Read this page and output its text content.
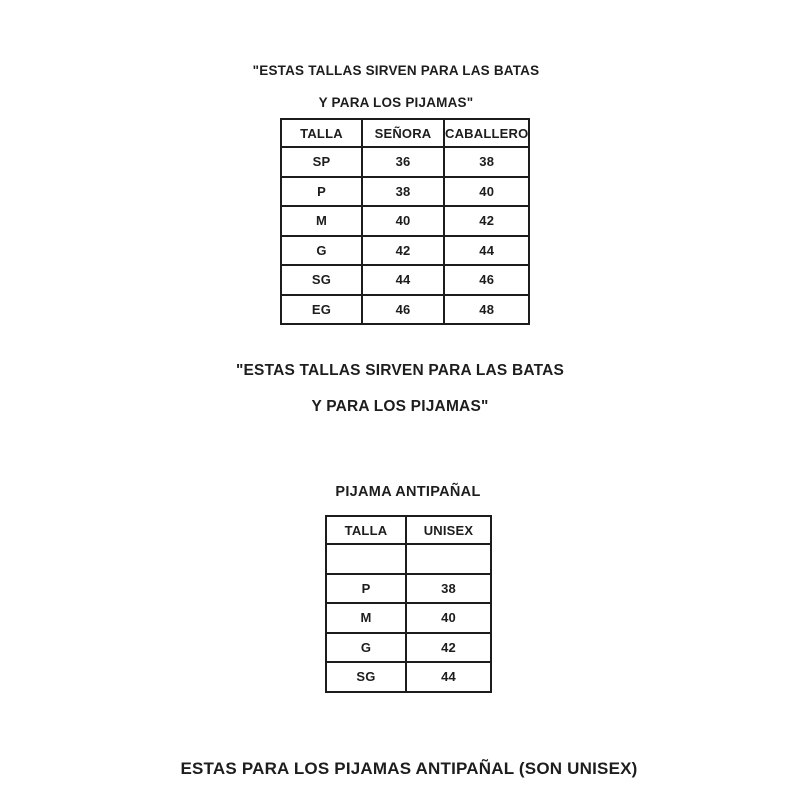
"ESTAS TALLAS SIRVEN PARA LAS BATAS

Y PARA LOS PIJAMAS"

TALLA	SEÑORA	CABALLERO
SP	36	38
P	38	40
M	40	42
G	42	44
SG	44	46
EG	46	48

"ESTAS TALLAS SIRVEN PARA LAS BATAS

Y PARA LOS PIJAMAS"

PIJAMA ANTIPAÑAL
TALLA	UNISEX

P	38
M	40
G	42
SG	44
ESTAS PARA LOS PIJAMAS ANTIPAÑAL (SON UNISEX)
